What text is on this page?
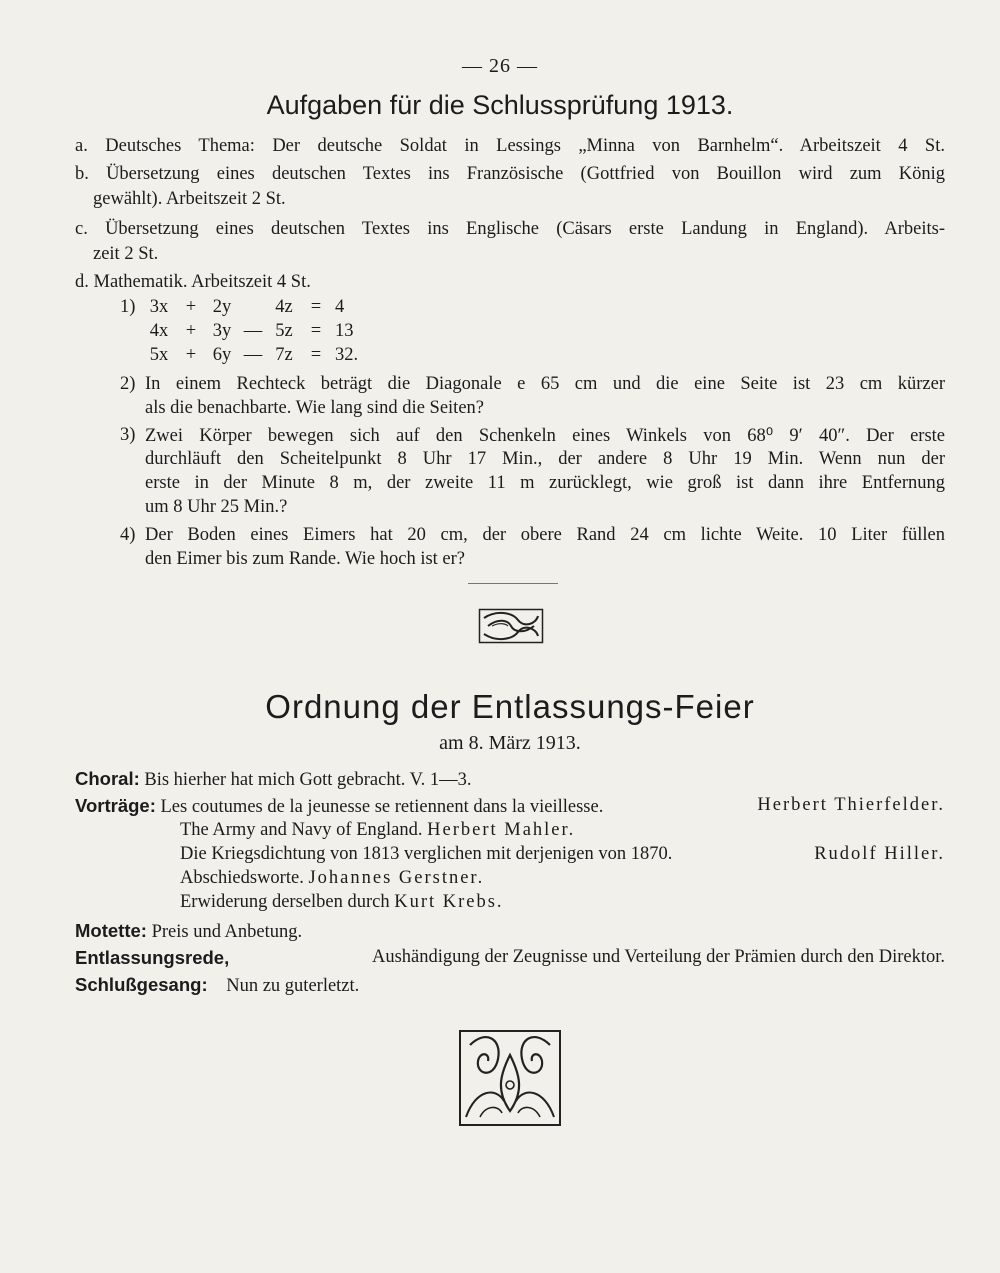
— 26 —
Aufgaben für die Schlussprüfung 1913.
a. Deutsches Thema: Der deutsche Soldat in Lessings „Minna von Barnhelm“. Arbeitszeit 4 St.
b. Übersetzung eines deutschen Textes ins Französische (Gottfried von Bouillon wird zum König
gewählt). Arbeitszeit 2 St.
c. Übersetzung eines deutschen Textes ins Englische (Cäsars erste Landung in England). Arbeits-
zeit 2 St.
d. Mathematik. Arbeitszeit 4 St.
1) 3x + 2y 4z = 4
4x + 3y — 5z = 13
5x + 6y — 7z = 32.
2) In einem Rechteck beträgt die Diagonale e 65 cm und die eine Seite ist 23 cm kürzer
als die benachbarte. Wie lang sind die Seiten?
3) Zwei Körper bewegen sich auf den Schenkeln eines Winkels von 68⁰ 9′ 40″. Der erste
durchläuft den Scheitelpunkt 8 Uhr 17 Min., der andere 8 Uhr 19 Min. Wenn nun der
erste in der Minute 8 m, der zweite 11 m zurücklegt, wie groß ist dann ihre Entfernung
um 8 Uhr 25 Min.?
4) Der Boden eines Eimers hat 20 cm, der obere Rand 24 cm lichte Weite. 10 Liter füllen
den Eimer bis zum Rande. Wie hoch ist er?
Ordnung der Entlassungs-Feier
am 8. März 1913.
Choral: Bis hierher hat mich Gott gebracht. V. 1—3.
Vorträge: Les coutumes de la jeunesse se retiennent dans la vieillesse.	Herbert Thierfelder.
The Army and Navy of England. Herbert Mahler.
Die Kriegsdichtung von 1813 verglichen mit derjenigen von 1870.	Rudolf Hiller.
Abschiedsworte. Johannes Gerstner.
Erwiderung derselben durch Kurt Krebs.
Motette: Preis und Anbetung.
Entlassungsrede,	Aushändigung der Zeugnisse und Verteilung der Prämien durch den Direktor.
Schlußgesang: Nun zu guterletzt.
